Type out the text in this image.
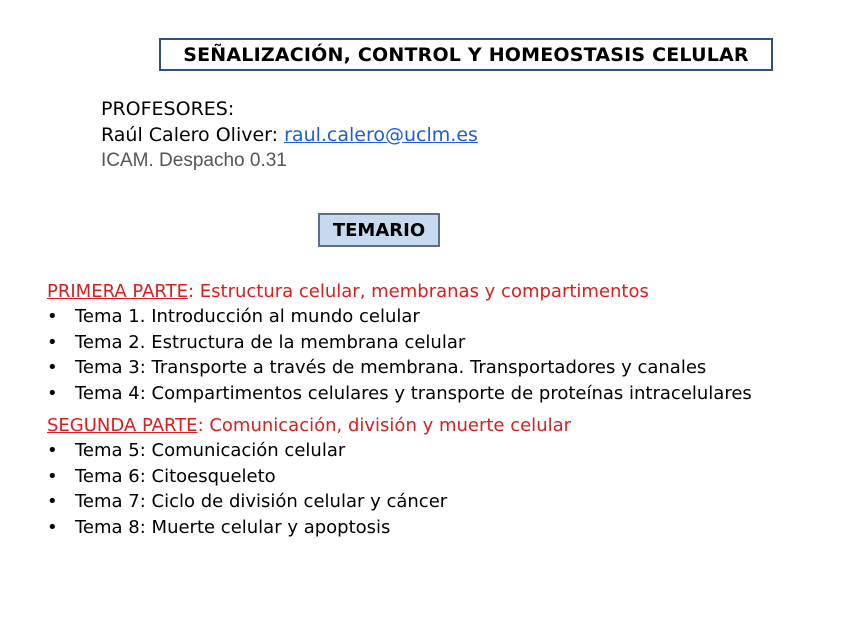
SEÑALIZACIÓN, CONTROL Y HOMEOSTASIS CELULAR
PROFESORES:
Raúl Calero Oliver: raul.calero@uclm.es
ICAM. Despacho 0.31
TEMARIO
PRIMERA PARTE: Estructura celular, membranas y compartimentos
• Tema 1. Introducción al mundo celular
• Tema 2. Estructura de la membrana celular
• Tema 3: Transporte a través de membrana. Transportadores y canales
• Tema 4: Compartimentos celulares y transporte de proteínas intracelulares
SEGUNDA PARTE: Comunicación, división y muerte celular
• Tema 5: Comunicación celular
• Tema 6: Citoesqueleto
• Tema 7: Ciclo de división celular y cáncer
• Tema 8: Muerte celular y apoptosis
